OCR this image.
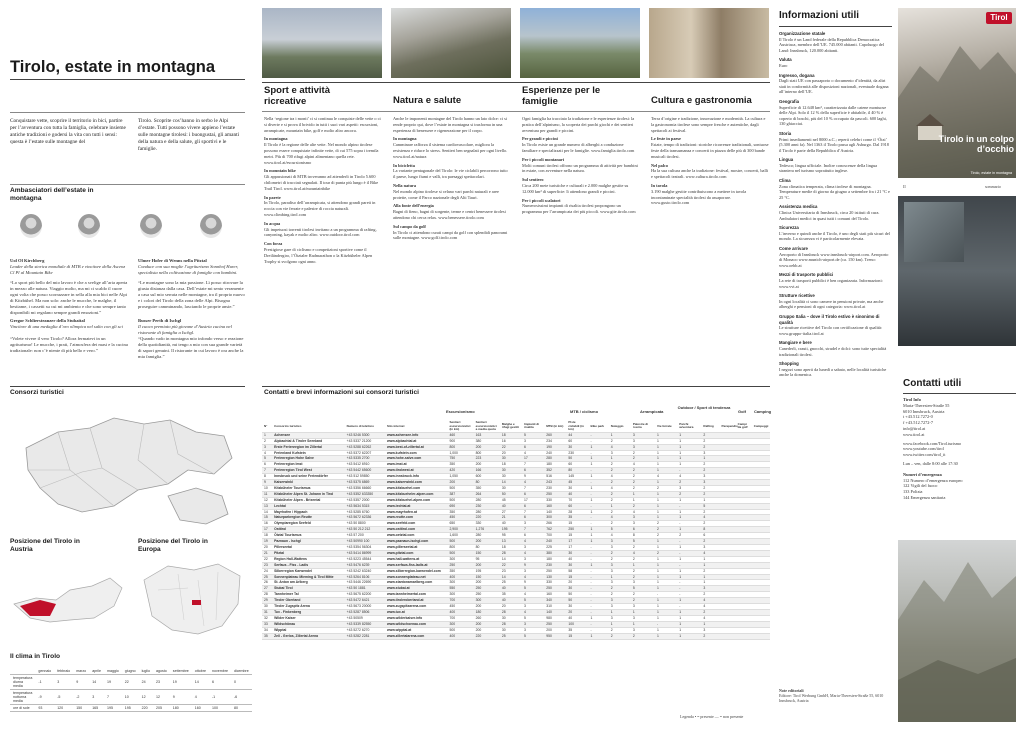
Tirolo, estate in montagna
Conquistare vette, scoprire il territorio in bici, partire per l’avventura con tutta la famiglia, celebrare insieme antiche tradizioni e godersi la vita con tutti i sensi: questa è l’estate sulle montagne del
Tirolo. Scoprite cos’hanno in serbo le Alpi d’estate. Tutti possono vivere appieno l’estate sulle montagne tirolesi: i buongustai, gli amanti della natura e della salute, gli sportivi e le famiglie.
Ambasciatori dell’estate in montagna
Uol Ol Kirchberg
Leader della storica mondiale di MTB e vincitore della Ascenz Cl Pl al Mountain Bike
Ulmer Hofer di Wenns nella Pitztal
Conduce con sua moglie l’agriturismo Sonnhof Hurer, specialista nella coltivazione di famiglie con bambini.
“Lo sport più bello del mio lavoro è che a svelige all’aria aperta in mezzo alle natura. Viaggio molto, ma mi ci scaldo il cuore ogni volta che posso scorrazzare in sella alla mia bici nelle Alpi di Kitzbühel. Ma non solo: anche le mucche, le malghe, il bestiame, i cassetti su cui mi ambiento e che sono sempre tanto disponibili mi regalano sempre grandi emozioni.”
“Le montagne sono la mia passione. Lì posso ritrovare la giusta distanza dalla casa. Dell’estate mi sento veramente a casa sul mio serrata nelle montagne, tra il proprio nuovo e i colori del Tirolo della zona delle Alpi. Bisogna proseguire camminando, lasciando le proprie ansie.”
Gregor Schliersteanzer della Stubaital
Vincitore di una medaglia d’oro olimpica nel salto con gli sci
Busser Perth di Ischgl
Il cuoco premiato più giovane d’Austria cucina nel ristorante di famiglia a Ischgl.
“Volete vivere il vero Tirolo? Allora fermatevi in un agriturismo! Le mucche, i prati, l’atmosfera dei masi e la cucina tradizionale: non c’è niente di più bello e vero.”
“Quando vado in montagna mio infondo verso e reazione della quotidianità, mi tengo a mio con sua grande varietà di sapori genuini. Il ristorante in cui lavoro è ora anche la mia famiglia.”
Consorzi turistici
Posizione del Tirolo in Austria
Posizione del Tirolo in Europa
Il clima in Tirolo
	gennaio	febbraio	marzo	aprile	maggio	giugno	luglio	agosto	settembre	ottobre	novembre	dicembre
temperatura diurna media	-1	3	9	14	19	22	24	23	19	14	6	0
temperatura notturna media	-9	-5	-2	3	7	10	12	12	9	4	-1	-6
ore di sole	93	120	150	165	195	195	220	205	180	160	100	80
Sport e attività ricreative	Natura e salute
Esperienze per le famiglie	Cultura e gastronomia

Nella ‘regione tra i monti’ ci si continua le conquiste delle vette o ci si diverte e si prova il brivido in tutti i suoi vari aspetti: escursioni, arrampicate, mountain bike, golf e molto altro ancora.

In montagna

Il Tirolo è la regione delle alte vette. Nel mondo alpino tirolese possono essere conquistate infinite vette, di cui 575 sopra i tremila metri. Più di 700 rifugi alpini alimentano quella rete. www.tirol.at/escursionismo

In mountain bike

Gli appassionati di MTB troveranno ad attenderli in Tirolo 5.600 chilometri di tracciati segnalati. Il tour di punta più lungo è il Bike Trail Tirol. www.tirol.at/mountainbike

In parete

In Tirolo, paradiso dell’arrampicata, si attendono grandi pareti in roccia con vie ferrate e palestre di roccia naturali. www.climbing.tirol.com

In acqua

Gli impetuosi torrenti tirolesi invitano a un programma di rafting, canyoning, kayak e molto altro. www.outdoor.tirol.com

Con forza

Prestigiose gare di ciclismo e competizioni sportive come il Dreiländergiro, l’Ötztaler Radmarathon o la Kitzbüheler Alpen Trophy si svolgono ogni anno.

Anche le imponenti montagne del Tirolo hanno un lato dolce: ci si rende proprio qui, dove l’estate in montagna si trasforma in una esperienza di benessere e rigenerazione per il corpo.

In montagna

Camminare rafforza il sistema cardiovascolare, migliora la resistenza e riduce lo stress. Sentieri ben segnalati per ogni livello. www.tirol.at/natura

In bicicletta

La variante pentagonale del Tirolo: le vie ciclabili percorrono tutto il paese, lungo fiumi e valli, tra paesaggi spettacolari.

Nella natura

Nel mondo alpino tirolese si celano vari parchi naturali e aree protette, come il Parco nazionale degli Alti Tauri.

Alla fonte dell’energia

Bagni di fieno, bagni di sorgente, terme e centri benessere tirolesi attendono chi cerca relax. www.benessere.tirolo.com

Sul campo da golf

In Tirolo ci attendono curati campi da golf con splendidi panorami sulle montagne. www.golf.tirolo.com

Ogni famiglia ha tracciato la tradizione e le esperienze tirolesi: la pratica dell’alpinismo, la scoperta dei parchi giochi e dei sentieri avventura per grandi e piccini.

Per grandi e piccini

In Tirolo esiste un grande numero di alberghi a conduzione familiare e specializzati per le famiglie. www.famiglia.tirolo.com

Per i piccoli montanari

Molti comuni tirolesi offrono un programma di attività per bambini in estate, con avventure nella natura.

Sul sentiero

Circa 200 mete turistiche e culturali e 2.000 malghe gestite su 12.000 km² di superficie: lì attendono grandi e piccini.

Per i piccoli scalatori

Numerosissimi impianti di risalita tirolesi propongono un programma per l’arrampicata dei più piccoli. www.gite.tirolo.com

Terra d’origine e tradizione, innovazione e modernità. La cultura e la gastronomia tirolese sono sempre fresche e autentiche, dagli spettacoli ai festival.

Le feste in paese

Estate, tempo di tradizioni: storiche ricorrenze tradizionali, sontuose feste della transumanza e concerti in piazza delle più di 300 bande musicali tirolesi.

Nel palco

Ha la sua cultura anche la tradizione: festival, mostre, concerti, balli e spettacoli teatrali. www.cultura.tirolo.com

In tavola

3.190 malghe gestite contribuiscono a mettere in tavola incontaminate specialità tirolesi da assaporare. www.gusto.tirolo.com

Contatti e brevi informazioni sui consorzi turistici
Escursionismo	MTB / ciclismo	Arrampicata
Outdoor / Sport di tendenza
Golf Camping
N°	Consorzio turistico	Numero di telefono	Sito internet	Sentieri escursionistici (in km)	Sentieri escursionistici a media quota	Malghe e rifugi gestiti	Impianti di risalita	MTB (in km)	Piste ciclabili (in km)	Bike park	Noleggio	Palestre di roccia	Vie ferrate	Parchi avventura	Rafting	Parapendio	Campi da golf	Campeggi
1	Achensee	+43 5246 5300	www.achensee.info	460	163	18	5	260	44	-	1	3	1	1	2			
2	Alpbachtal & Tiroler Seenland	+43 5337 21200	www.alpbachtal.at	900	380	16	3	234	60	-	2	3	1	1	2			
3	Erste Ferienregion im Zillertal	+43 5288 62262	www.best-of-zillertal.at	800	200	22	6	190	30	1	4	3	1	1	2			
4	Ferienland Kufstein	+43 5372 62207	www.kufstein.com	1,000	800	20	4	240	230	-	3	2	1	1	3			
5	Ferienregion Hohe Salve	+43 5335 2700	www.hohe-salve.com	750	223	30	17	280	50	1	1	2	1	1	1			
6	Ferienregion Imst	+43 5412 6910	www.imst.at	350	200	18	7	180	60	1	2	4	1	1	2			
7	Ferienregion Tirol West	+43 5442 65600	www.tirolwest.at	420	166	30	6	352	80	-	2	2	1	-	2			
8	Innsbruck und seine Feriendörfer	+43 512 59850	www.innsbruck.info	1,050	600	30	9	516	145	1	4	2	4	4	3			
9	Kaiserwinkl	+43 5375 6869	www.kaiserwinkl.com	200	80	14	4	243	45	-	2	2	1	2	3			
10	Kitzbüheler Tourismus	+43 5356 66660	www.kitzbuehel.com	500	350	30	7	230	30	1	4	2	2	3	2			
11	Kitzbüheler Alpen St. Johann in Tirol	+43 5352 633350	www.kitzbueheler-alpen.com	387	264	50	6	250	40	-	2	1	1	2	2			
12	Kitzbüheler Alpen - Brixental	+43 5357 2000	www.kitzbuehel-alpen.com	500	280	45	17	330	70	1	2	1	1	1	1			
13	Lechtal	+43 5634 5315	www.lechtal.at	690	230	40	6	160	60	-	1	2	1	-	5			
14	Mayrhofen / Hippach	+43 5285 6760	www.mayrhofen.at	350	280	27	7	140	28	1	2	4	1	1	2			
15	Naturparkregion Reutte	+43 5672 62336	www.reutte.com	450	220	21	6	300	35	-	4	3	1	1	4			
16	Olympiaregion Seefeld	+43 50 8800	www.seefeld.com	650	330	40	3	266	15	-	2	3	2	-	2			
17	Osttirol	+43 50 212 212	www.osttirol.com	2,900	1,276	195	7	762	250	1	5	6	2	1	8			
18	Ötztal Tourismus	+43 57 200	www.oetztal.com	1,600	280	95	6	700	15	1	4	8	2	2	6			
19	Paznaun - Ischgl	+43 50990 100	www.paznaun-ischgl.com	500	200	13	4	240	17	1	3	5	1	-	2			
20	Pillerseetal	+43 5354 56304	www.pillerseetal.at	800	80	18	3	225	17	-	3	2	1	1	3			
21	Pitztal	+43 5414 86999	www.pitztal.com	500	150	28	4	380	30	-	2	4	2	-	4			
22	Region Hall-Wattens	+43 5223 45544	www.hall-wattens.at	300	95	14	3	180	40	-	2	2	1	1	1			
23	Serfaus - Fiss - Ladis	+43 5476 6239	www.serfaus-fiss-ladis.at	250	200	22	9	230	30	1	3	1	1	-	1			
24	Silberregion Karwendel	+43 5242 63240	www.silberregion-karwendel.com	350	195	23	3	250	58	-	3	2	1	1	2			
25	Sonnenplateau Mieming & Tirol Mitte	+43 5264 8106	www.sonnenplateau.net	400	150	14	4	130	15	-	1	2	1	1	1			
26	St. Anton am Arlberg	+43 5446 22690	www.stantonamarlberg.com	300	200	25	9	330	20	-	3	3	1	-	1			
27	Stubai Tirol	+43 50 1881	www.stubai.at	550	250	40	5	250	30	-	2	5	1	-	3			
28	Tannheimer Tal	+43 5675 62200	www.tannheimertal.com	300	250	35	4	160	50	-	2	2	-	-	2			
29	Tiroler Oberland	+43 5472 6421	www.tiroleroberland.at	700	300	40	5	340	50	-	3	2	1	1	4			
30	Tiroler Zugspitz Arena	+43 5673 20000	www.zugspitzarena.com	450	200	20	3	310	30	-	3	3	1	-	4			
31	Tux - Finkenberg	+43 5287 8506	www.tux.at	400	180	28	4	140	20	-	1	1	1	1	2			
32	Wilder Kaiser	+43 50509	www.wilderkaiser.info	700	260	30	5	980	40	1	3	3	1	1	4			
33	Wildschönau	+43 5339 82550	www.wildschoenau.com	300	200	28	3	250	100	-	1	1	-	1	1			
34	Wipptal	+43 5272 6270	www.wipptal.at	500	200	30	3	200	35	-	2	3	1	1	3			
35	Zell - Gerlos, Zillertal Arena	+43 5282 2281	www.zillertalarena.com	400	220	25	5	950	15	1	2	2	1	1	2			
Legenda • = presente –– = non presente
Informazioni utili
Organizzazione statale
Il Tirolo è un Land federale della Repubblica Democratica Austriaca, membro dell’UE. 745.000 abitanti. Capoluogo del Land: Innsbruck, 120.000 abitanti.
Valuta
Euro
Ingresso, dogana
Dagli stati UE con passaporto o documento d’identità, da altri stati in conformità alle disposizioni nazionali, eventuale dogana all’interno dell’UE.
Geografia
Superficie di 12.648 km², caratterizzata dalle catene montuose delle Alpi. Solo il 12 % della superficie è abitabile, il 40 % è coperto di boschi, più del 10 % occupato da pascoli. 600 laghi, 130 ghiacciai.
Storia
Primi insediamenti nel 8000 a.C.; reperti celebri come il ‘Ötzi’ (5.300 anni fa). Nel 1363 il Tirolo passa agli Asburgo. Dal 1918 il Tirolo è parte della Repubblica d’Austria.
Lingua
Tedesco; lingua ufficiale. Inoltre conoscenze della lingua straniera nel turismo soprattutto inglese.
Clima
Zona climatica temperata, clima tirolese di montagna. Temperature medie di giorno da giugno a settembre fra i 21 °C e 25 °C.
Assistenza medica
Clinica Universitaria di Innsbruck, circa 20 istituti di cura. Ambulatori medici in quasi tutti i comuni del Tirolo.
Sicurezza
L’inverno e quindi anche il Tirolo, è uno degli stati più sicuri del mondo. La sicurezza vi è particolarmente elevata.
Come arrivare
Aeroporto di Innsbruck www.innsbruck-airport.com. Aeroporto di Monaco www.munich-airport.de (ca. 150 km). Treno: www.oebb.at
Mezzi di trasporto pubblici
La rete di trasporti pubblici è ben organizzata. Informazioni: www.vvt.at
Strutture ricettive
In ogni località ci sono camere in pensioni private, ma anche alberghi e pensioni di ogni categoria: www.tirol.at
Gruppo Italia – dove il Tirolo estivo è sinonimo di qualità
Le strutture ricettive del Tirolo con certificazione di qualità: www.gruppo-italia.tirol.at
Mangiare e bere
Canederli, crauti, gnocchi, strudel e dolci: sono tutte specialità tradizionali tirolesi.
Shopping
I negozi sono aperti da lunedì a sabato, nelle località turistiche anche la domenica.
Note editoriali
Editore: Tirol Werbung GmbH, Maria-Theresien-Straße 55, 6010 Innsbruck, Austria
Tirol
Tirolo in un colpo d’occhio
Tirolo, estate in montagna
II	sommario
Contatti utili
Tirol Info
Maria-Theresien-Straße 55
6010 Innsbruck, Austria
t +43.512.7272-0
f +43.512.7272-7
info@tirol.at
www.tirol.at
www.facebook.com/Tirol.turismo
www.youtube.com/tirol
www.twitter.com/tirol_it
Lun – ven, dalle 8:00 alle 17:30
Numeri d’emergenza
112 Numero d’emergenza europeo
122 Vigili del fuoco
133 Polizia
144 Emergenza sanitaria
